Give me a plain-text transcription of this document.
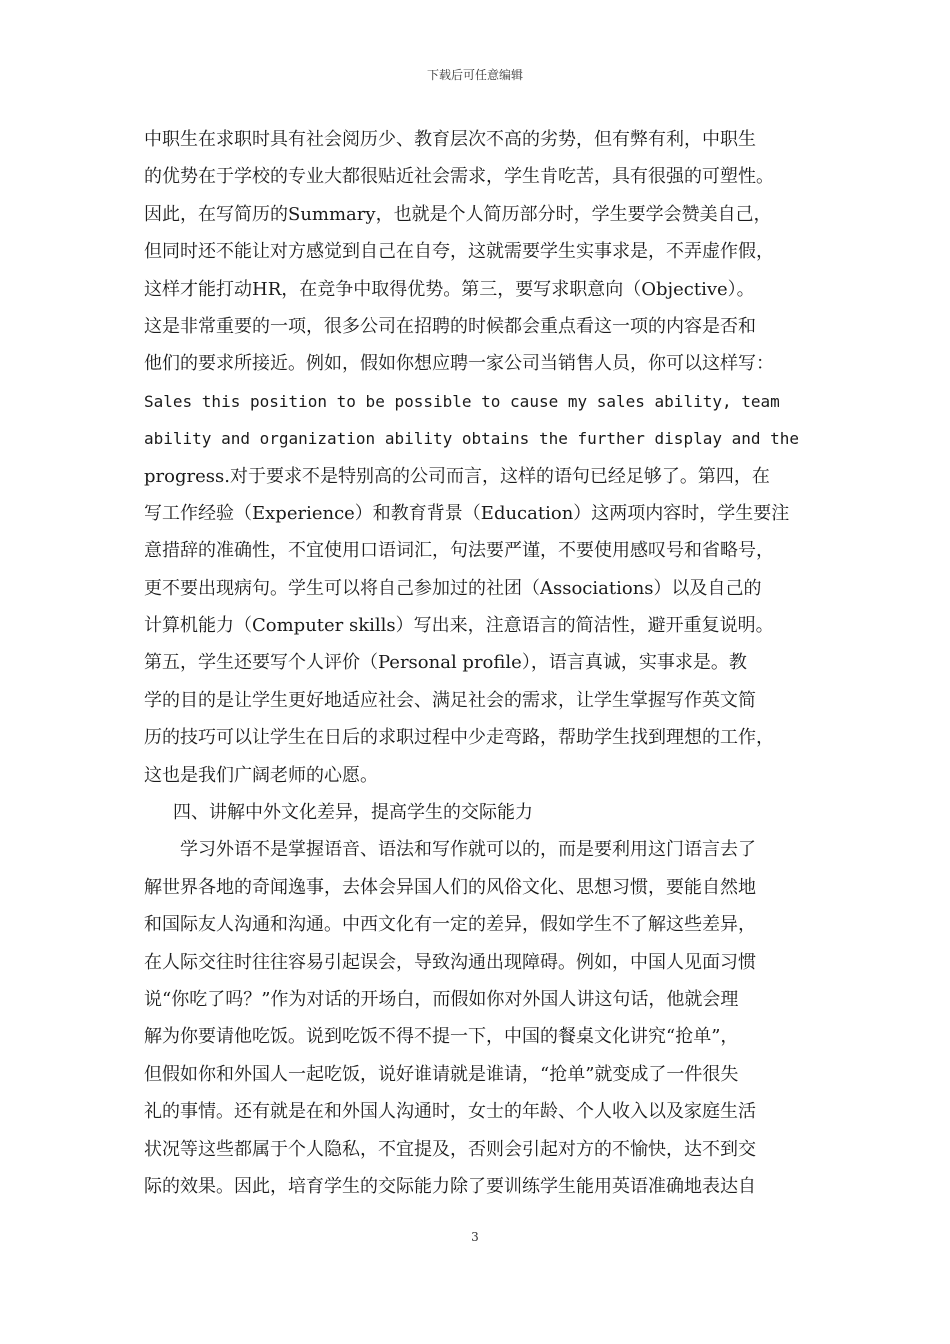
下载后可任意编辑
中职生在求职时具有社会阅历少、教育层次不高的劣势，但有弊有利，中职生
的优势在于学校的专业大都很贴近社会需求，学生肯吃苦，具有很强的可塑性。
因此，在写简历的Summary，也就是个人简历部分时，学生要学会赞美自己，
但同时还不能让对方感觉到自己在自夸，这就需要学生实事求是，不弄虚作假，
这样才能打动HR，在竞争中取得优势。第三，要写求职意向（Objective）。
这是非常重要的一项，很多公司在招聘的时候都会重点看这一项的内容是否和
他们的要求所接近。例如，假如你想应聘一家公司当销售人员，你可以这样写：
Sales this position to be possible to cause my sales ability, team
ability and organization ability obtains the further display and the
progress.对于要求不是特别高的公司而言，这样的语句已经足够了。第四，在
写工作经验（Experience）和教育背景（Education）这两项内容时，学生要注
意措辞的准确性，不宜使用口语词汇，句法要严谨，不要使用感叹号和省略号，
更不要出现病句。学生可以将自己参加过的社团（Associations）以及自己的
计算机能力（Computer skills）写出来，注意语言的简洁性，避开重复说明。
第五，学生还要写个人评价（Personal profile），语言真诚，实事求是。教
学的目的是让学生更好地适应社会、满足社会的需求，让学生掌握写作英文简
历的技巧可以让学生在日后的求职过程中少走弯路，帮助学生找到理想的工作，
这也是我们广阔老师的心愿。
四、讲解中外文化差异，提高学生的交际能力
学习外语不是掌握语音、语法和写作就可以的，而是要利用这门语言去了
解世界各地的奇闻逸事，去体会异国人们的风俗文化、思想习惯，要能自然地
和国际友人沟通和沟通。中西文化有一定的差异，假如学生不了解这些差异，
在人际交往时往往容易引起误会，导致沟通出现障碍。例如，中国人见面习惯
说“你吃了吗？”作为对话的开场白，而假如你对外国人讲这句话，他就会理
解为你要请他吃饭。说到吃饭不得不提一下，中国的餐桌文化讲究“抢单”，
但假如你和外国人一起吃饭，说好谁请就是谁请，“抢单”就变成了一件很失
礼的事情。还有就是在和外国人沟通时，女士的年龄、个人收入以及家庭生活
状况等这些都属于个人隐私，不宜提及，否则会引起对方的不愉快，达不到交
际的效果。因此，培育学生的交际能力除了要训练学生能用英语准确地表达自
3
